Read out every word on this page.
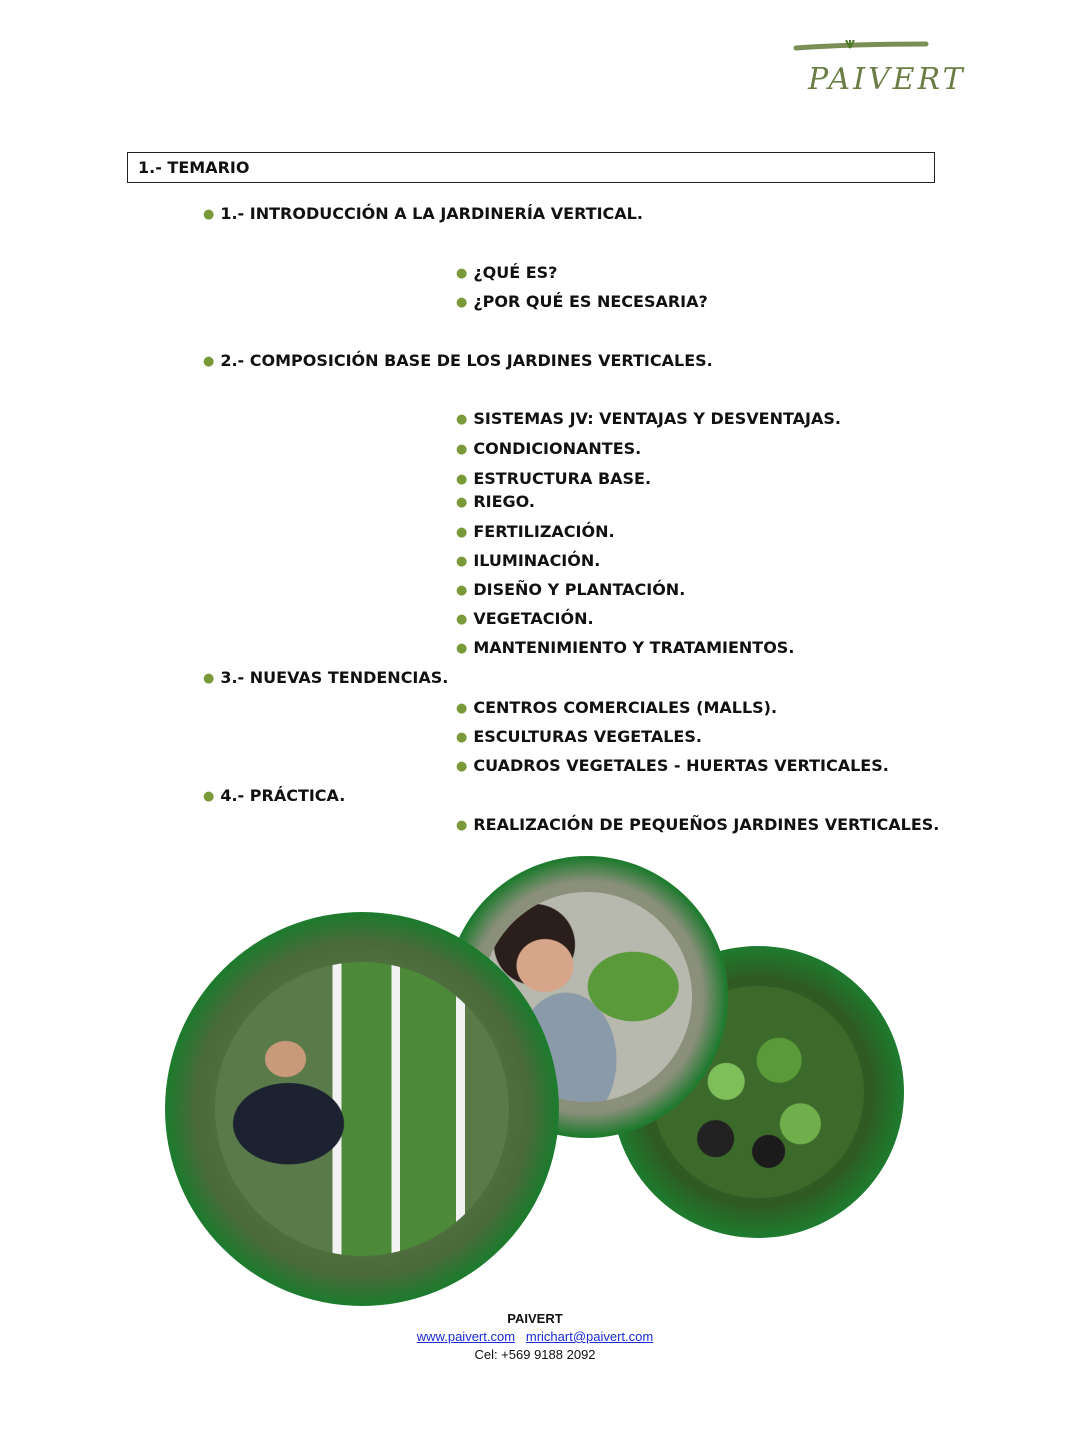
PAIVERT
1.- TEMARIO
● 1.- INTRODUCCIÓN A LA JARDINERÍA VERTICAL.
● ¿QUÉ ES?
● ¿POR QUÉ ES NECESARIA?
● 2.- COMPOSICIÓN BASE DE LOS JARDINES VERTICALES.
● SISTEMAS JV: VENTAJAS Y DESVENTAJAS.
● CONDICIONANTES.
● ESTRUCTURA BASE.
● RIEGO.
● FERTILIZACIÓN.
● ILUMINACIÓN.
● DISEÑO Y PLANTACIÓN.
● VEGETACIÓN.
● MANTENIMIENTO Y TRATAMIENTOS.
● 3.- NUEVAS TENDENCIAS.
● CENTROS COMERCIALES (MALLS).
● ESCULTURAS VEGETALES.
● CUADROS VEGETALES - HUERTAS VERTICALES.
● 4.- PRÁCTICA.
● REALIZACIÓN DE PEQUEÑOS JARDINES VERTICALES.
PAIVERT
www.paivert.com mrichart@paivert.com
Cel: +569 9188 2092
